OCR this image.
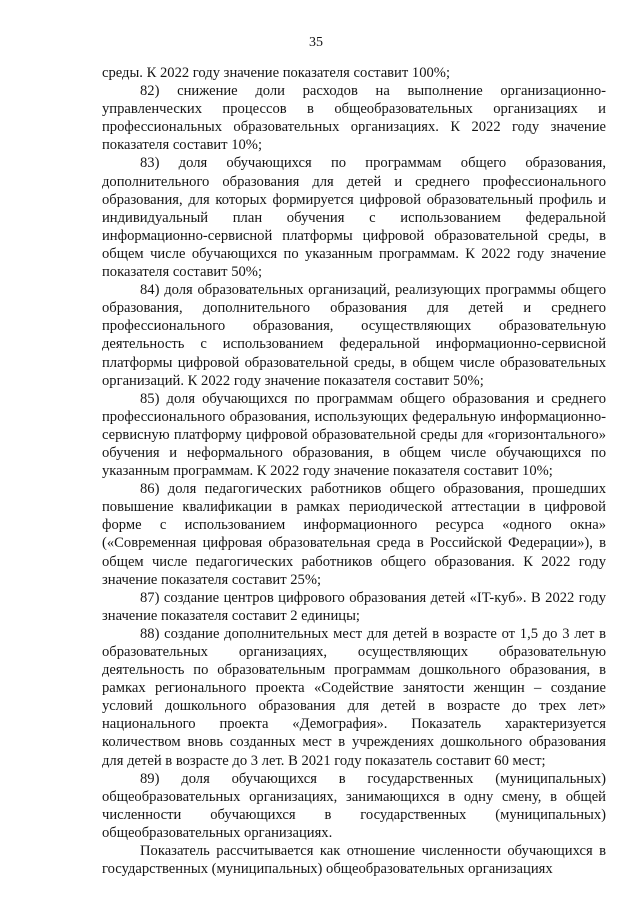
35

среды. К 2022 году значение показателя составит 100%;

82) снижение доли расходов на выполнение организационно-управленческих процессов в общеобразовательных организациях и профессиональных образовательных организациях. К 2022 году значение показателя составит 10%;

83) доля обучающихся по программам общего образования, дополнительного образования для детей и среднего профессионального образования, для которых формируется цифровой образовательный профиль и индивидуальный план обучения с использованием федеральной информационно-сервисной платформы цифровой образовательной среды, в общем числе обучающихся по указанным программам. К 2022 году значение показателя составит 50%;

84) доля образовательных организаций, реализующих программы общего образования, дополнительного образования для детей и среднего профессионального образования, осуществляющих образовательную деятельность с использованием федеральной информационно-сервисной платформы цифровой образовательной среды, в общем числе образовательных организаций. К 2022 году значение показателя составит 50%;

85) доля обучающихся по программам общего образования и среднего профессионального образования, использующих федеральную информационно-сервисную платформу цифровой образовательной среды для «горизонтального» обучения и неформального образования, в общем числе обучающихся по указанным программам. К 2022 году значение показателя составит 10%;

86) доля педагогических работников общего образования, прошедших повышение квалификации в рамках периодической аттестации в цифровой форме с использованием информационного ресурса «одного окна» («Современная цифровая образовательная среда в Российской Федерации»), в общем числе педагогических работников общего образования. К 2022 году значение показателя составит 25%;

87) создание центров цифрового образования детей «IT-куб». В 2022 году значение показателя составит 2 единицы;

88) создание дополнительных мест для детей в возрасте от 1,5 до 3 лет в образовательных организациях, осуществляющих образовательную деятельность по образовательным программам дошкольного образования, в рамках регионального проекта «Содействие занятости женщин – создание условий дошкольного образования для детей в возрасте до трех лет» национального проекта «Демография». Показатель характеризуется количеством вновь созданных мест в учреждениях дошкольного образования для детей в возрасте до 3 лет. В 2021 году показатель составит 60 мест;

89) доля обучающихся в государственных (муниципальных) общеобразовательных организациях, занимающихся в одну смену, в общей численности обучающихся в государственных (муниципальных) общеобразовательных организациях.

Показатель рассчитывается как отношение численности обучающихся в государственных (муниципальных) общеобразовательных организациях
